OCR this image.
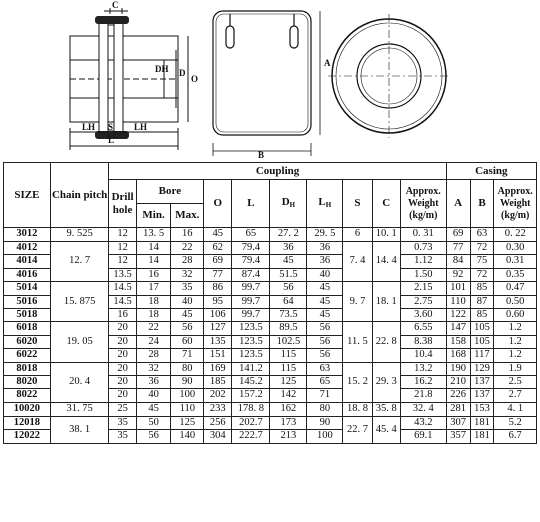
C
DH D
O
LH S LH
L
A
B
SIZE	Chain pitch	Coupling										Casing		
		Drill hole	Bore		O	L	$D_H$	$L_H$	S	C	Approx. Weight (kg/m)	A	B	Approx. Weight (kg/m)
			Min.	Max.										
3012	9. 525	12	13. 5	16	45	65	27. 2	29. 5	6	10. 1	0. 31	69	63	0. 22
4012	12. 7	12	14	22	62	79.4	36	36	7. 4	14. 4	0.73	77	72	0.30
4014		12	14	28	69	79.4	45	36			1.12	84	75	0.31
4016		13.5	16	32	77	87.4	51.5	40			1.50	92	72	0.35
5014	15. 875	14.5	17	35	86	99.7	56	45	9. 7	18. 1	2.15	101	85	0.47
5016		14.5	18	40	95	99.7	64	45			2.75	110	87	0.50
5018		16	18	45	106	99.7	73.5	45			3.60	122	85	0.60
6018	19. 05	20	22	56	127	123.5	89.5	56	11. 5	22. 8	6.55	147	105	1.2
6020		20	24	60	135	123.5	102.5	56			8.38	158	105	1.2
6022		20	28	71	151	123.5	115	56			10.4	168	117	1.2
8018	20. 4	20	32	80	169	141.2	115	63	15. 2	29. 3	13.2	190	129	1.9
8020		20	36	90	185	145.2	125	65			16.2	210	137	2.5
8022		20	40	100	202	157.2	142	71			21.8	226	137	2.7
10020	31. 75	25	45	110	233	178. 8	162	80	18. 8	35. 8	32. 4	281	153	4. 1
12018	38. 1	35	50	125	256	202.7	173	90	22. 7	45. 4	43.2	307	181	5.2
12022		35	56	140	304	222.7	213	100			69.1	357	181	6.7
